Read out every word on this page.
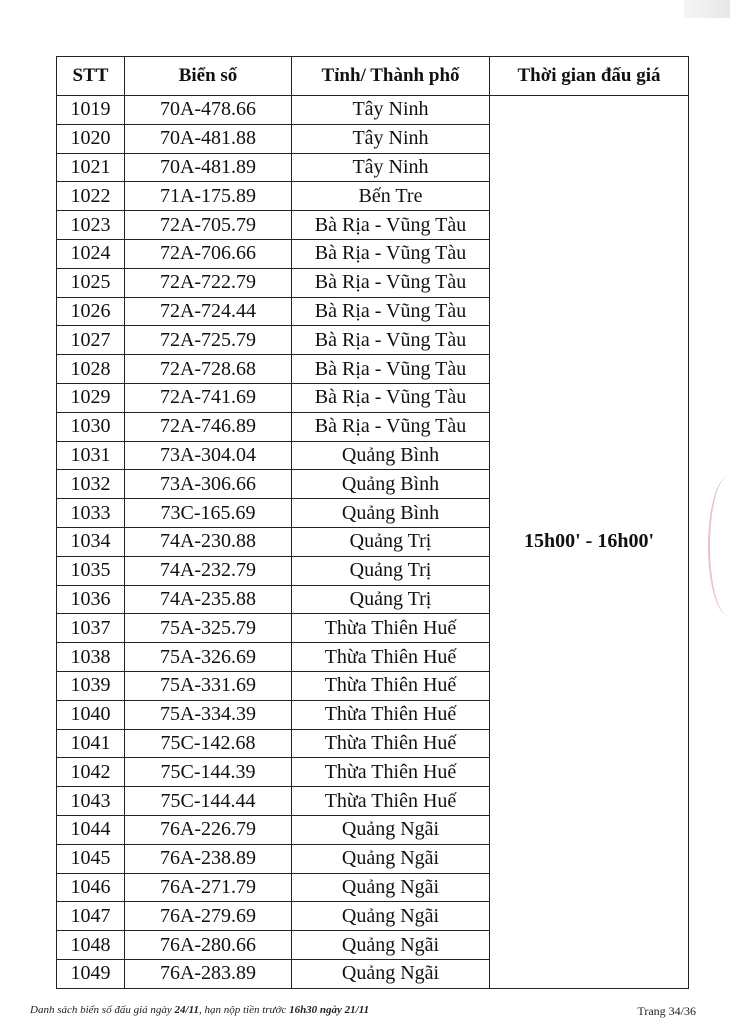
STT	Biển số	Tỉnh/ Thành phố	Thời gian đấu giá
1019	70A-478.66	Tây Ninh	15h00' - 16h00'
1020	70A-481.88	Tây Ninh	
1021	70A-481.89	Tây Ninh	
1022	71A-175.89	Bến Tre	
1023	72A-705.79	Bà Rịa - Vũng Tàu	
1024	72A-706.66	Bà Rịa - Vũng Tàu	
1025	72A-722.79	Bà Rịa - Vũng Tàu	
1026	72A-724.44	Bà Rịa - Vũng Tàu	
1027	72A-725.79	Bà Rịa - Vũng Tàu	
1028	72A-728.68	Bà Rịa - Vũng Tàu	
1029	72A-741.69	Bà Rịa - Vũng Tàu	
1030	72A-746.89	Bà Rịa - Vũng Tàu	
1031	73A-304.04	Quảng Bình	
1032	73A-306.66	Quảng Bình	
1033	73C-165.69	Quảng Bình	
1034	74A-230.88	Quảng Trị	
1035	74A-232.79	Quảng Trị	
1036	74A-235.88	Quảng Trị	
1037	75A-325.79	Thừa Thiên Huế	
1038	75A-326.69	Thừa Thiên Huế	
1039	75A-331.69	Thừa Thiên Huế	
1040	75A-334.39	Thừa Thiên Huế	
1041	75C-142.68	Thừa Thiên Huế	
1042	75C-144.39	Thừa Thiên Huế	
1043	75C-144.44	Thừa Thiên Huế	
1044	76A-226.79	Quảng Ngãi	
1045	76A-238.89	Quảng Ngãi	
1046	76A-271.79	Quảng Ngãi	
1047	76A-279.69	Quảng Ngãi	
1048	76A-280.66	Quảng Ngãi	
1049	76A-283.89	Quảng Ngãi	
Danh sách biển số đấu giá ngày 24/11, hạn nộp tiền trước 16h30 ngày 21/11	Trang 34/36
